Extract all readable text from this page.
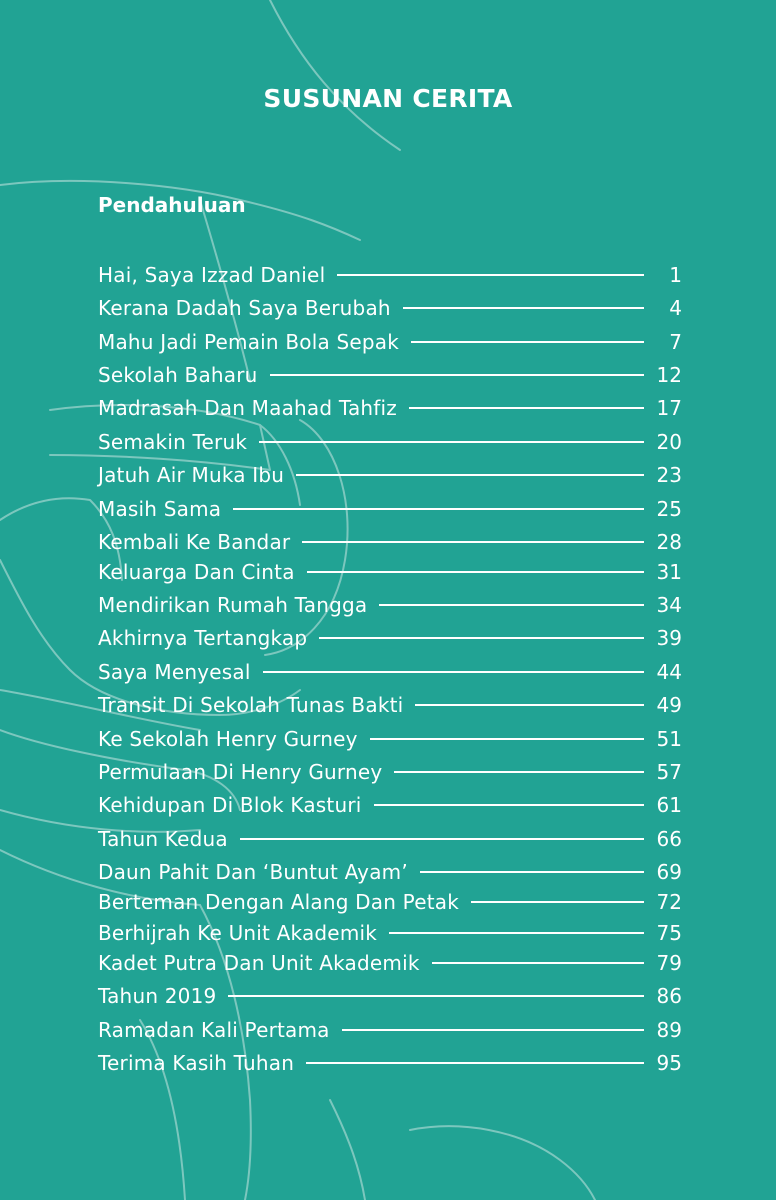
SUSUNAN CERITA
Pendahuluan
Hai, Saya Izzad Daniel	1
Kerana Dadah Saya Berubah	4
Mahu Jadi Pemain Bola Sepak	7
Sekolah Baharu	12
Madrasah Dan Maahad Tahfiz	17
Semakin Teruk	20
Jatuh Air Muka Ibu	23
Masih Sama	25
Kembali Ke Bandar	28
Keluarga Dan Cinta	31
Mendirikan Rumah Tangga	34
Akhirnya Tertangkap	39
Saya Menyesal	44
Transit Di Sekolah Tunas Bakti	49
Ke Sekolah Henry Gurney	51
Permulaan Di Henry Gurney	57
Kehidupan Di Blok Kasturi	61
Tahun Kedua	66
Daun Pahit Dan ‘Buntut Ayam’	69
Berteman Dengan Alang Dan Petak	72
Berhijrah Ke Unit Akademik	75
Kadet Putra Dan Unit Akademik	79
Tahun 2019	86
Ramadan Kali Pertama	89
Terima Kasih Tuhan	95
